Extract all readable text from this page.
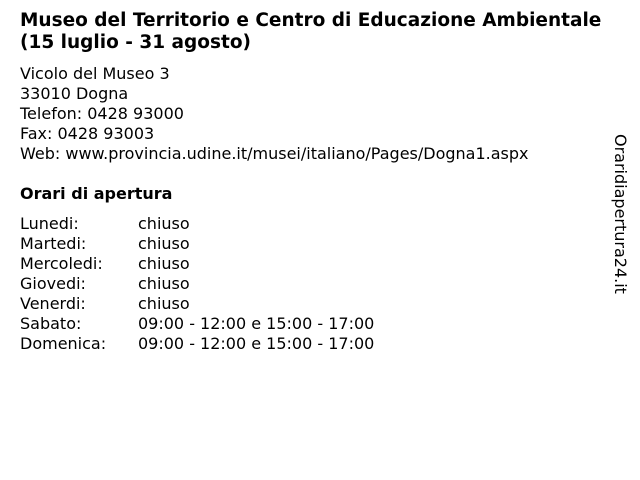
Museo del Territorio e Centro di Educazione Ambientale (15 luglio - 31 agosto)
Vicolo del Museo 3
33010 Dogna
Telefon: 0428 93000
Fax: 0428 93003
Web: www.provincia.udine.it/musei/italiano/Pages/Dogna1.aspx
Orari di apertura
Lunedi:	chiuso
Martedi:	chiuso
Mercoledi:	chiuso
Giovedi:	chiuso
Venerdi:	chiuso
Sabato:	09:00 - 12:00 e 15:00 - 17:00
Domenica:	09:00 - 12:00 e 15:00 - 17:00
Oraridiapertura24.it
